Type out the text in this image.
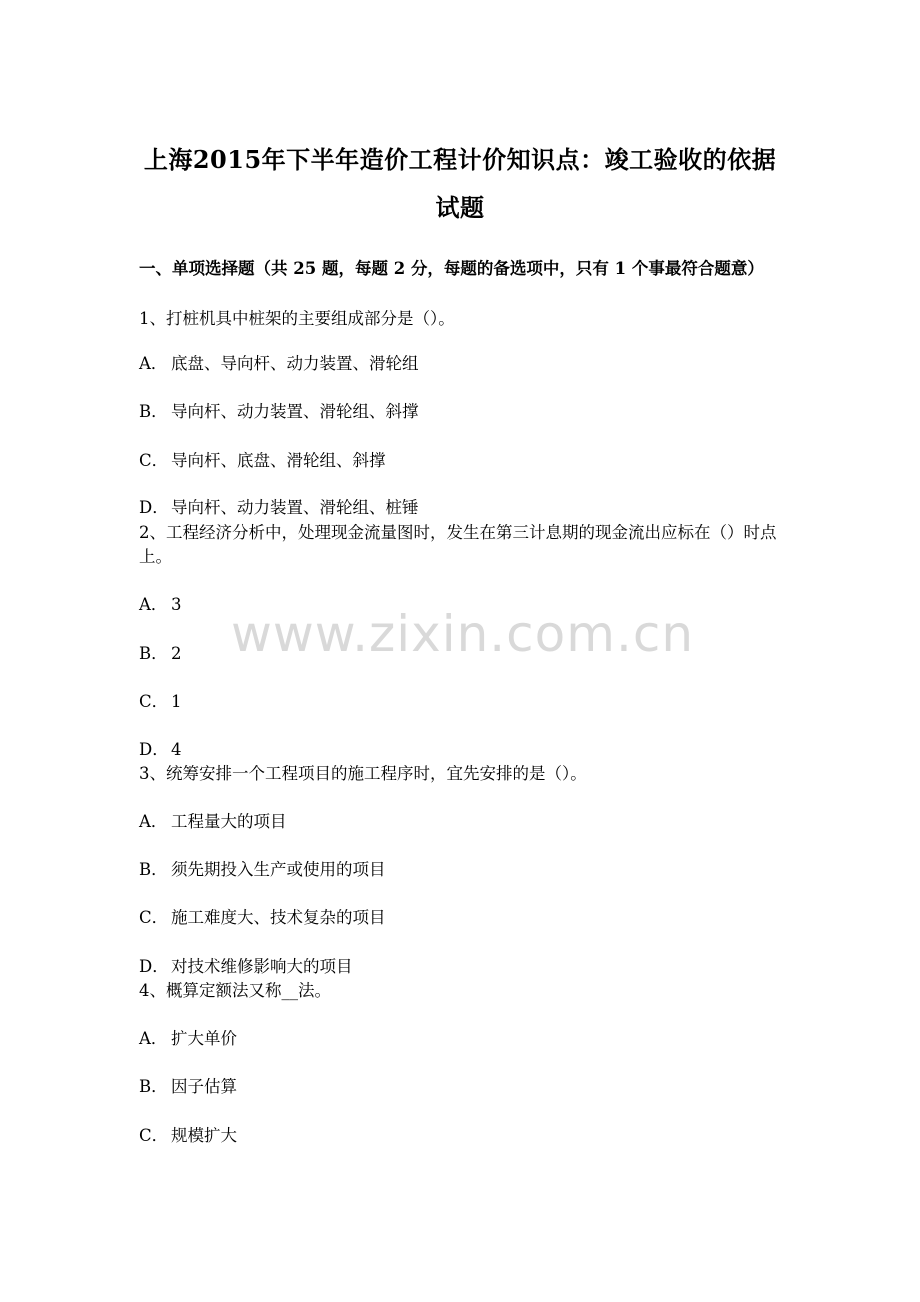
上海2015年下半年造价工程计价知识点：竣工验收的依据
试题
一、单项选择题（共 25 题，每题 2 分，每题的备选项中，只有 1 个事最符合题意）
1、打桩机具中桩架的主要组成部分是（）。
A． 底盘、导向杆、动力装置、滑轮组
B． 导向杆、动力装置、滑轮组、斜撑
C． 导向杆、底盘、滑轮组、斜撑
D． 导向杆、动力装置、滑轮组、桩锤
2、工程经济分析中，处理现金流量图时，发生在第三计息期的现金流出应标在（）时点上。
A． 3
B． 2
C． 1
D． 4
3、统筹安排一个工程项目的施工程序时，宜先安排的是（）。
A． 工程量大的项目
B． 须先期投入生产或使用的项目
C． 施工难度大、技术复杂的项目
D． 对技术维修影响大的项目
4、概算定额法又称__法。
A． 扩大单价
B． 因子估算
C． 规模扩大
www.zixin.com.cn
